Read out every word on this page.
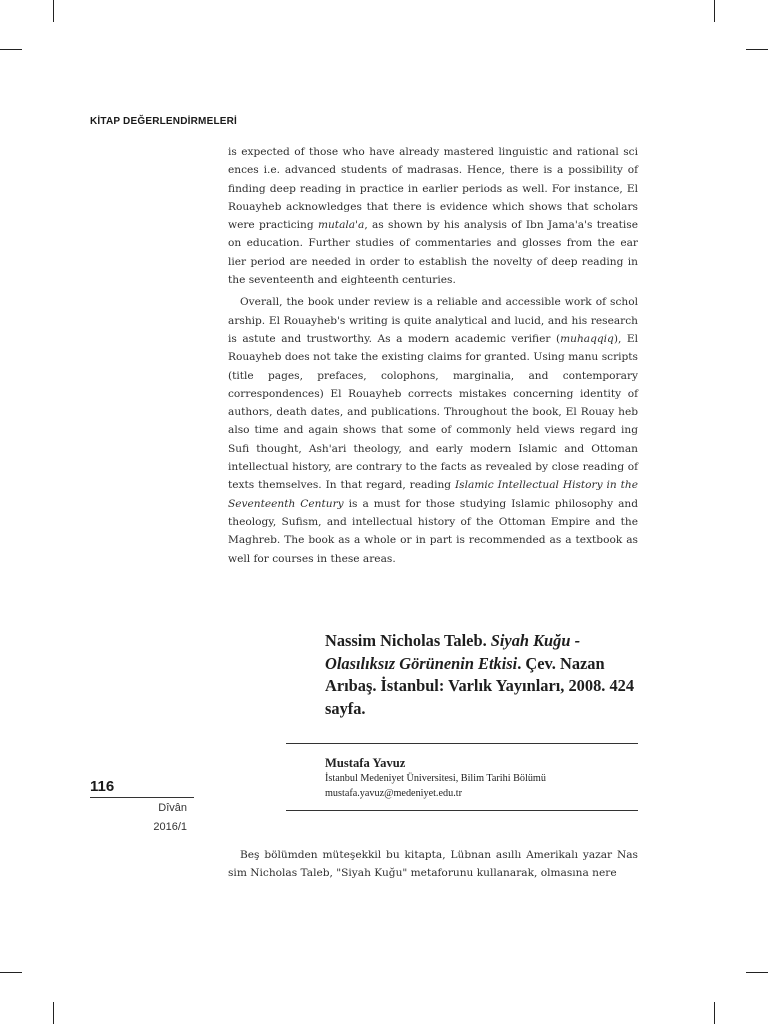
KİTAP DEĞERLENDİRMELERİ

is expected of those who have already mastered linguistic and rational sci ences i.e. advanced students of madrasas. Hence, there is a possibility of finding deep reading in practice in earlier periods as well. For instance, El Rouayheb acknowledges that there is evidence which shows that scholars were practicing mutala'a, as shown by his analysis of Ibn Jama'a's treatise on education. Further studies of commentaries and glosses from the ear lier period are needed in order to establish the novelty of deep reading in the seventeenth and eighteenth centuries.

Overall, the book under review is a reliable and accessible work of schol arship. El Rouayheb's writing is quite analytical and lucid, and his research is astute and trustworthy. As a modern academic verifier (muhaqqiq), El Rouayheb does not take the existing claims for granted. Using manu scripts (title pages, prefaces, colophons, marginalia, and contemporary correspondences) El Rouayheb corrects mistakes concerning identity of authors, death dates, and publications. Throughout the book, El Rouay heb also time and again shows that some of commonly held views regard ing Sufi thought, Ash'ari theology, and early modern Islamic and Ottoman intellectual history, are contrary to the facts as revealed by close reading of texts themselves. In that regard, reading Islamic Intellectual History in the Seventeenth Century is a must for those studying Islamic philosophy and theology, Sufism, and intellectual history of the Ottoman Empire and the Maghreb. The book as a whole or in part is recommended as a textbook as well for courses in these areas.

Nassim Nicholas Taleb. Siyah Kuğu -Olasılıksız Görünenin Etkisi. Çev. Nazan Arıbaş. İstanbul: Varlık Yayınları, 2008. 424 sayfa.
Mustafa Yavuz
İstanbul Medeniyet Üniversitesi, Bilim Tarihi Bölümü
mustafa.yavuz@medeniyet.edu.tr
116
Dîvân
2016/1

Beş bölümden müteşekkil bu kitapta, Lübnan asıllı Amerikalı yazar Nas sim Nicholas Taleb, "Siyah Kuğu" metaforunu kullanarak, olmasına nere
